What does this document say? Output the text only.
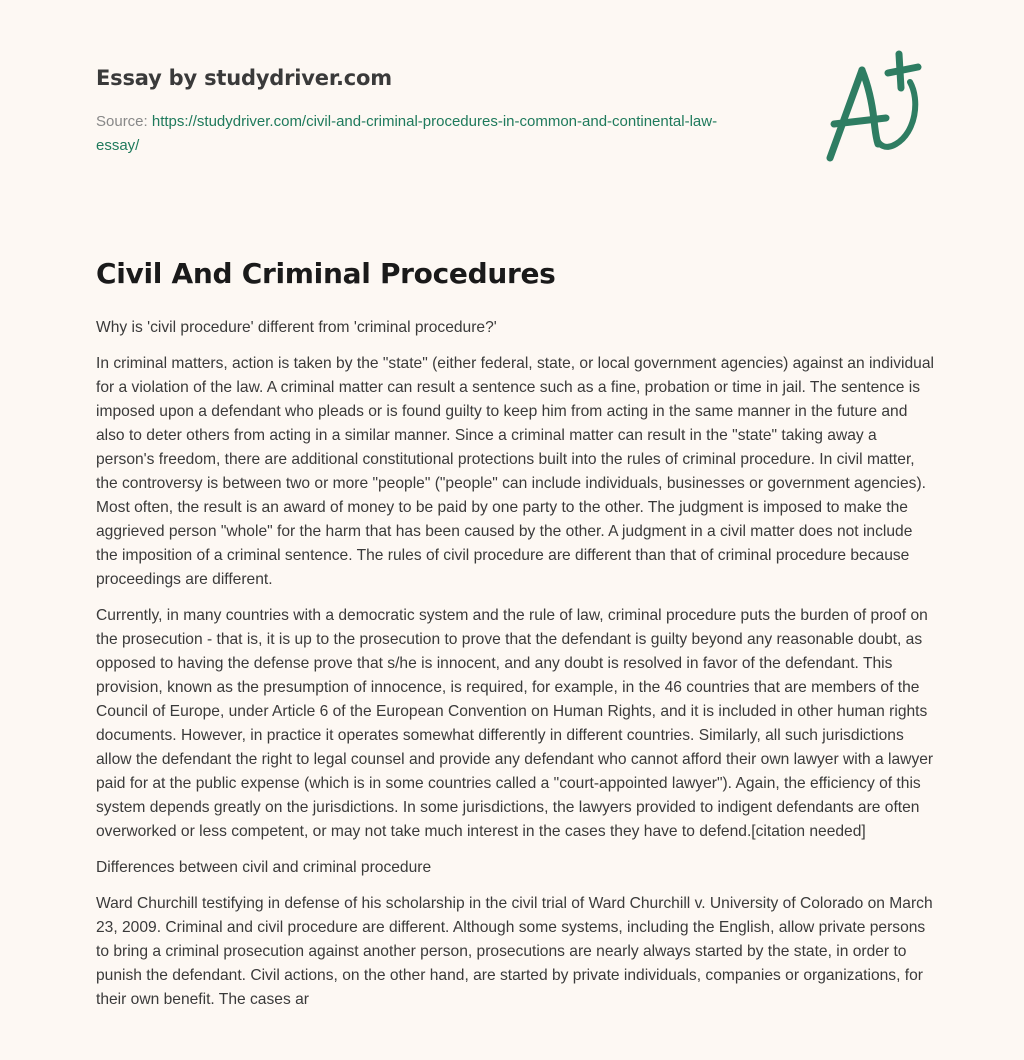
Essay by studydriver.com
Source: https://studydriver.com/civil-and-criminal-procedures-in-common-and-continental-law-essay/
Civil And Criminal Procedures

Why is 'civil procedure' different from 'criminal procedure?'

In criminal matters, action is taken by the "state" (either federal, state, or local government agencies) against an individual for a violation of the law. A criminal matter can result a sentence such as a fine, probation or time in jail. The sentence is imposed upon a defendant who pleads or is found guilty to keep him from acting in the same manner in the future and also to deter others from acting in a similar manner. Since a criminal matter can result in the "state" taking away a person's freedom, there are additional constitutional protections built into the rules of criminal procedure. In civil matter, the controversy is between two or more "people" ("people" can include individuals, businesses or government agencies). Most often, the result is an award of money to be paid by one party to the other. The judgment is imposed to make the aggrieved person "whole" for the harm that has been caused by the other. A judgment in a civil matter does not include the imposition of a criminal sentence. The rules of civil procedure are different than that of criminal procedure because proceedings are different.

Currently, in many countries with a democratic system and the rule of law, criminal procedure puts the burden of proof on the prosecution - that is, it is up to the prosecution to prove that the defendant is guilty beyond any reasonable doubt, as opposed to having the defense prove that s/he is innocent, and any doubt is resolved in favor of the defendant. This provision, known as the presumption of innocence, is required, for example, in the 46 countries that are members of the Council of Europe, under Article 6 of the European Convention on Human Rights, and it is included in other human rights documents. However, in practice it operates somewhat differently in different countries. Similarly, all such jurisdictions allow the defendant the right to legal counsel and provide any defendant who cannot afford their own lawyer with a lawyer paid for at the public expense (which is in some countries called a "court-appointed lawyer"). Again, the efficiency of this system depends greatly on the jurisdictions. In some jurisdictions, the lawyers provided to indigent defendants are often overworked or less competent, or may not take much interest in the cases they have to defend.[citation needed]

Differences between civil and criminal procedure

Ward Churchill testifying in defense of his scholarship in the civil trial of Ward Churchill v. University of Colorado on March 23, 2009. Criminal and civil procedure are different. Although some systems, including the English, allow private persons to bring a criminal prosecution against another person, prosecutions are nearly always started by the state, in order to punish the defendant. Civil actions, on the other hand, are started by private individuals, companies or organizations, for their own benefit. The cases ar
